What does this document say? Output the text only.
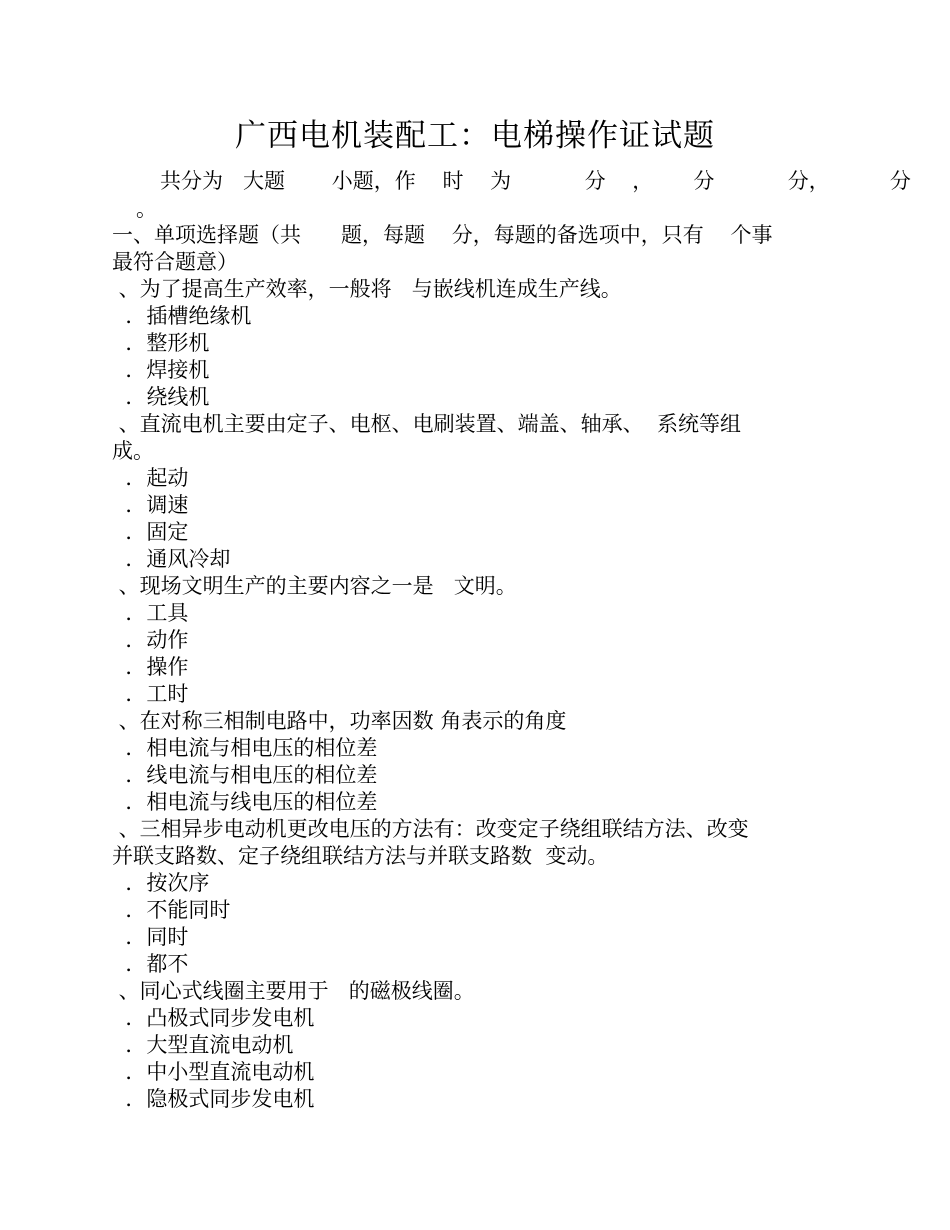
广西电机装配工：电梯操作证试题
共分为   大题       小题，作    时    为           分    ，      分           分，         分
。
一、单项选择题（共      题，每题    分，每题的备选项中，只有    个事
最符合题意）
、为了提高生产效率，一般将   与嵌线机连成生产线。
．插槽绝缘机
．整形机
．焊接机
．绕线机
、直流电机主要由定子、电枢、电刷装置、端盖、轴承、  系统等组
成。
．起动
．调速
．固定
．通风冷却
、现场文明生产的主要内容之一是   文明。
．工具
．动作
．操作
．工时
、在对称三相制电路中，功率因数 角表示的角度
．相电流与相电压的相位差
．线电流与相电压的相位差
．相电流与线电压的相位差
、三相异步电动机更改电压的方法有：改变定子绕组联结方法、改变
并联支路数、定子绕组联结方法与并联支路数  变动。
．按次序
．不能同时
．同时
．都不
、同心式线圈主要用于   的磁极线圈。
．凸极式同步发电机
．大型直流电动机
．中小型直流电动机
．隐极式同步发电机
